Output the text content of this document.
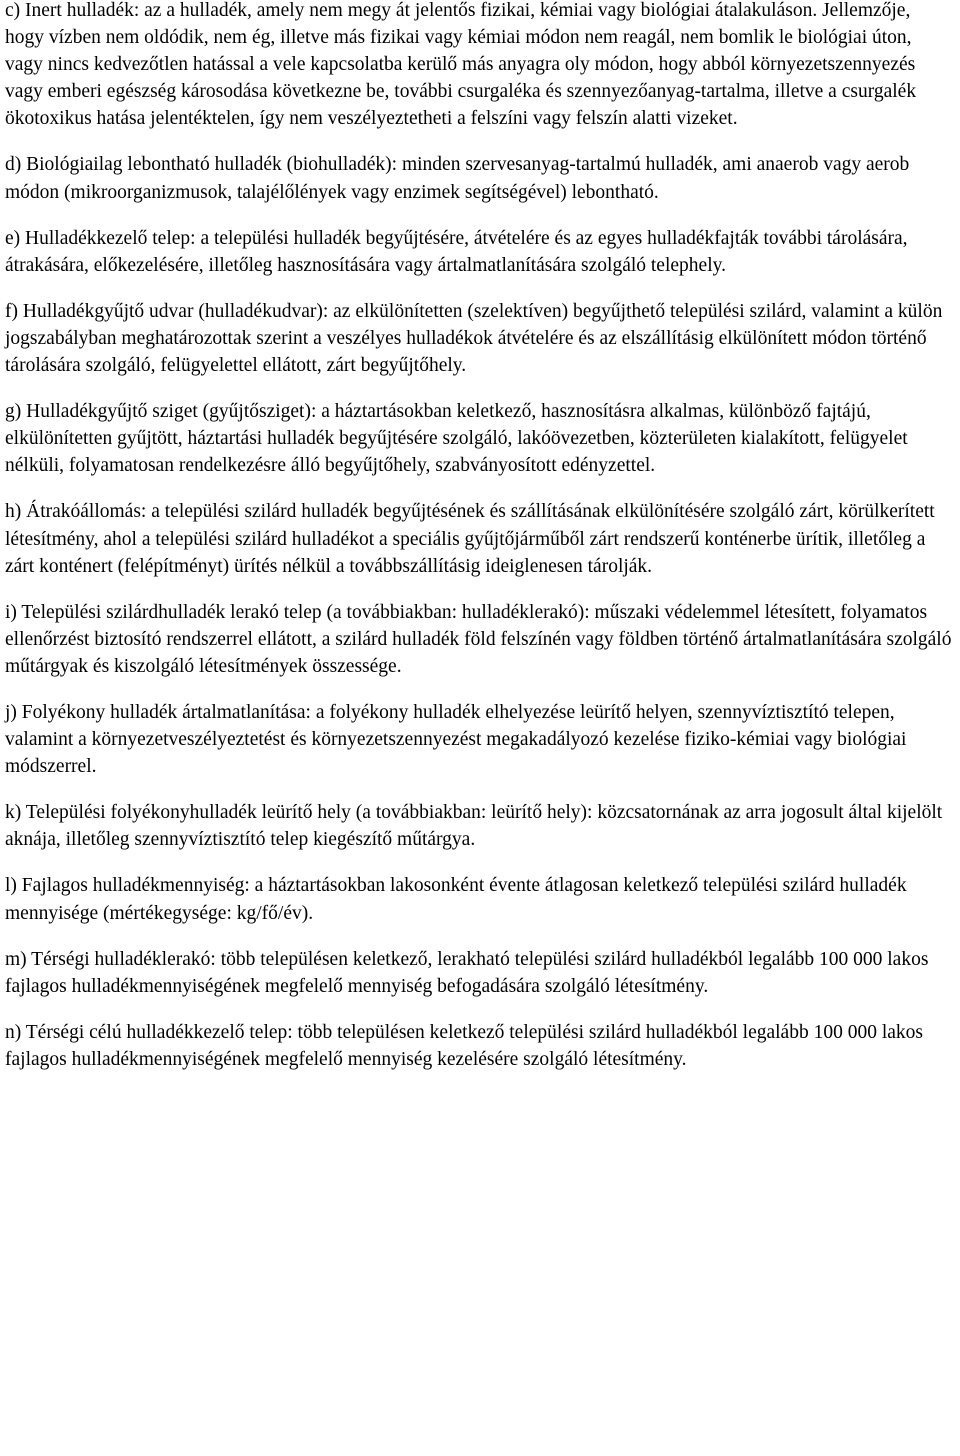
c) Inert hulladék: az a hulladék, amely nem megy át jelentős fizikai, kémiai vagy biológiai átalakuláson. Jellemzője, hogy vízben nem oldódik, nem ég, illetve más fizikai vagy kémiai módon nem reagál, nem bomlik le biológiai úton, vagy nincs kedvezőtlen hatással a vele kapcsolatba kerülő más anyagra oly módon, hogy abból környezetszennyezés vagy emberi egészség károsodása következne be, további csurgaléka és szennyezőanyag-tartalma, illetve a csurgalék ökotoxikus hatása jelentéktelen, így nem veszélyeztetheti a felszíni vagy felszín alatti vizeket.

d) Biológiailag lebontható hulladék (biohulladék): minden szervesanyag-tartalmú hulladék, ami anaerob vagy aerob módon (mikroorganizmusok, talajélőlények vagy enzimek segítségével) lebontható.

e) Hulladékkezelő telep: a települési hulladék begyűjtésére, átvételére és az egyes hulladékfajták további tárolására, átrakására, előkezelésére, illetőleg hasznosítására vagy ártalmatlanítására szolgáló telephely.

f) Hulladékgyűjtő udvar (hulladékudvar): az elkülönítetten (szelektíven) begyűjthető települési szilárd, valamint a külön jogszabályban meghatározottak szerint a veszélyes hulladékok átvételére és az elszállításig elkülönített módon történő tárolására szolgáló, felügyelettel ellátott, zárt begyűjtőhely.

g) Hulladékgyűjtő sziget (gyűjtősziget): a háztartásokban keletkező, hasznosításra alkalmas, különböző fajtájú, elkülönítetten gyűjtött, háztartási hulladék begyűjtésére szolgáló, lakóövezetben, közterületen kialakított, felügyelet nélküli, folyamatosan rendelkezésre álló begyűjtőhely, szabványosított edényzettel.

h) Átrakóállomás: a települési szilárd hulladék begyűjtésének és szállításának elkülönítésére szolgáló zárt, körülkerített létesítmény, ahol a települési szilárd hulladékot a speciális gyűjtőjárműből zárt rendszerű konténerbe ürítik, illetőleg a zárt konténert (felépítményt) ürítés nélkül a továbbszállításig ideiglenesen tárolják.

i) Települési szilárdhulladék lerakó telep (a továbbiakban: hulladéklerakó): műszaki védelemmel létesített, folyamatos ellenőrzést biztosító rendszerrel ellátott, a szilárd hulladék föld felszínén vagy földben történő ártalmatlanítására szolgáló műtárgyak és kiszolgáló létesítmények összessége.

j) Folyékony hulladék ártalmatlanítása: a folyékony hulladék elhelyezése leürítő helyen, szennyvíztisztító telepen, valamint a környezetveszélyeztetést és környezetszennyezést megakadályozó kezelése fiziko-kémiai vagy biológiai módszerrel.

k) Települési folyékonyhulladék leürítő hely (a továbbiakban: leürítő hely): közcsatornának az arra jogosult által kijelölt aknája, illetőleg szennyvíztisztító telep kiegészítő műtárgya.

l) Fajlagos hulladékmennyiség: a háztartásokban lakosonként évente átlagosan keletkező települési szilárd hulladék mennyisége (mértékegysége: kg/fő/év).

m) Térségi hulladéklerakó: több településen keletkező, lerakható települési szilárd hulladékból legalább 100 000 lakos fajlagos hulladékmennyiségének megfelelő mennyiség befogadására szolgáló létesítmény.

n) Térségi célú hulladékkezelő telep: több településen keletkező települési szilárd hulladékból legalább 100 000 lakos fajlagos hulladékmennyiségének megfelelő mennyiség kezelésére szolgáló létesítmény.
